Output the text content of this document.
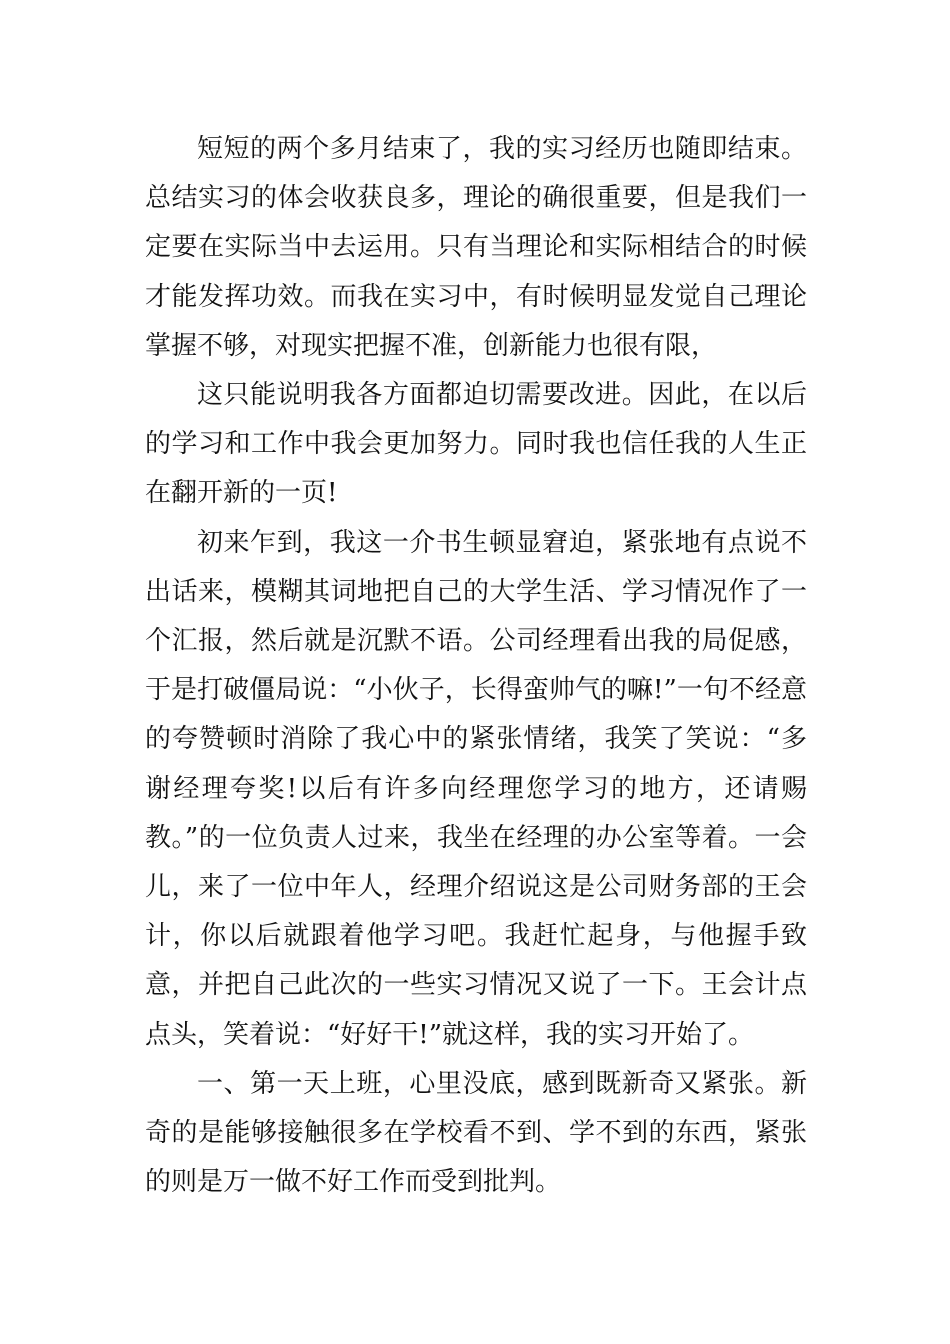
短短的两个多月结束了，我的实习经历也随即结束。总结实习的体会收获良多，理论的确很重要，但是我们一定要在实际当中去运用。只有当理论和实际相结合的时候才能发挥功效。而我在实习中，有时候明显发觉自己理论掌握不够，对现实把握不准，创新能力也很有限，

这只能说明我各方面都迫切需要改进。因此，在以后的学习和工作中我会更加努力。同时我也信任我的人生正在翻开新的一页!

初来乍到，我这一介书生顿显窘迫，紧张地有点说不出话来，模糊其词地把自己的大学生活、学习情况作了一个汇报，然后就是沉默不语。公司经理看出我的局促感，于是打破僵局说：“小伙子，长得蛮帅气的嘛!”一句不经意的夸赞顿时消除了我心中的紧张情绪，我笑了笑说：“多谢经理夸奖!以后有许多向经理您学习的地方，还请赐教。”的一位负责人过来，我坐在经理的办公室等着。一会儿，来了一位中年人，经理介绍说这是公司财务部的王会计，你以后就跟着他学习吧。我赶忙起身，与他握手致意，并把自己此次的一些实习情况又说了一下。王会计点点头，笑着说：“好好干!”就这样，我的实习开始了。

一、第一天上班，心里没底，感到既新奇又紧张。新奇的是能够接触很多在学校看不到、学不到的东西，紧张的则是万一做不好工作而受到批判。
